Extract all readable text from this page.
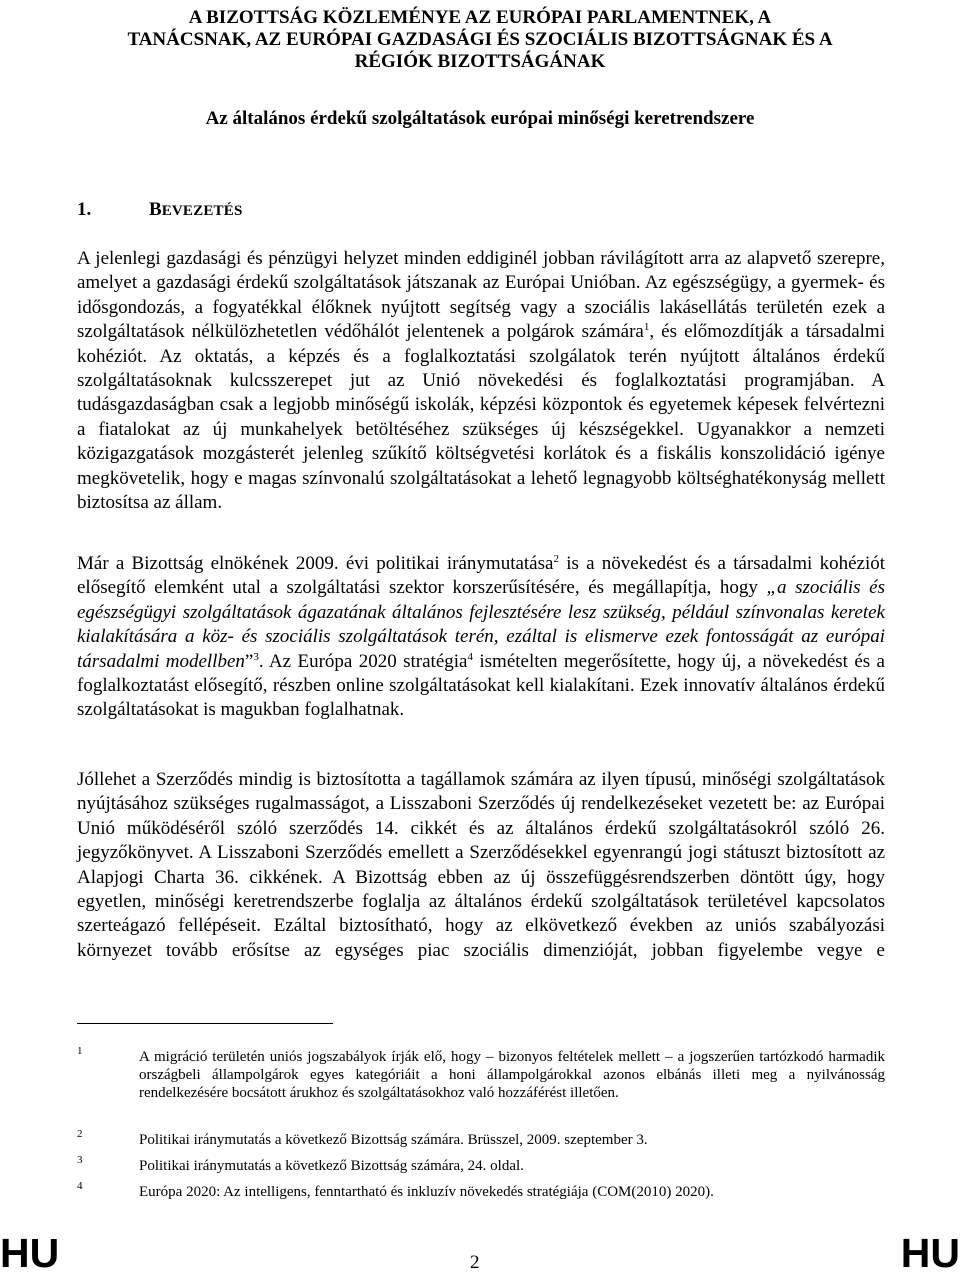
A BIZOTTSÁG KÖZLEMÉNYE AZ EURÓPAI PARLAMENTNEK, A
TANÁCSNAK, AZ EURÓPAI GAZDASÁGI ÉS SZOCIÁLIS BIZOTTSÁGNAK ÉS A
RÉGIÓK BIZOTTSÁGÁNAK
Az általános érdekű szolgáltatások európai minőségi keretrendszere
1.	BEVEZETÉS

A jelenlegi gazdasági és pénzügyi helyzet minden eddiginél jobban rávilágított arra az alapvető szerepre, amelyet a gazdasági érdekű szolgáltatások játszanak az Európai Unióban. Az egészségügy, a gyermek- és idősgondozás, a fogyatékkal élőknek nyújtott segítség vagy a szociális lakásellátás területén ezek a szolgáltatások nélkülözhetetlen védőhálót jelentenek a polgárok számára$^1$, és előmozdítják a társadalmi kohéziót. Az oktatás, a képzés és a foglalkoztatási szolgálatok terén nyújtott általános érdekű szolgáltatásoknak kulcsszerepet jut az Unió növekedési és foglalkoztatási programjában. A tudásgazdaságban csak a legjobb minőségű iskolák, képzési központok és egyetemek képesek felvértezni a fiatalokat az új munkahelyek betöltéséhez szükséges új készségekkel. Ugyanakkor a nemzeti közigazgatások mozgásterét jelenleg szűkítő költségvetési korlátok és a fiskális konszolidáció igénye megkövetelik, hogy e magas színvonalú szolgáltatásokat a lehető legnagyobb költséghatékonyság mellett biztosítsa az állam.

Már a Bizottság elnökének 2009. évi politikai iránymutatása$^2$ is a növekedést és a társadalmi kohéziót elősegítő elemként utal a szolgáltatási szektor korszerűsítésére, és megállapítja, hogy „a szociális és egészségügyi szolgáltatások ágazatának általános fejlesztésére lesz szükség, például színvonalas keretek kialakítására a köz- és szociális szolgáltatások terén, ezáltal is elismerve ezek fontosságát az európai társadalmi modellben”$^3$. Az Európa 2020 stratégia$^4$ ismételten megerősítette, hogy új, a növekedést és a foglalkoztatást elősegítő, részben online szolgáltatásokat kell kialakítani. Ezek innovatív általános érdekű szolgáltatásokat is magukban foglalhatnak.

Jóllehet a Szerződés mindig is biztosította a tagállamok számára az ilyen típusú, minőségi szolgáltatások nyújtásához szükséges rugalmasságot, a Lisszaboni Szerződés új rendelkezéseket vezetett be: az Európai Unió működéséről szóló szerződés 14. cikkét és az általános érdekű szolgáltatásokról szóló 26. jegyzőkönyvet. A Lisszaboni Szerződés emellett a Szerződésekkel egyenrangú jogi státuszt biztosított az Alapjogi Charta 36. cikkének. A Bizottság ebben az új összefüggésrendszerben döntött úgy, hogy egyetlen, minőségi keretrendszerbe foglalja az általános érdekű szolgáltatások területével kapcsolatos szerteágazó fellépéseit. Ezáltal biztosítható, hogy az elkövetkező években az uniós szabályozási környezet tovább erősítse az egységes piac szociális dimenzióját, jobban figyelembe vegye e

1	A migráció területén uniós jogszabályok írják elő, hogy – bizonyos feltételek mellett – a jogszerűen tartózkodó harmadik országbeli állampolgárok egyes kategóriáit a honi állampolgárokkal azonos elbánás illeti meg a nyilvánosság rendelkezésére bocsátott árukhoz és szolgáltatásokhoz való hozzáférést illetően.
2	Politikai iránymutatás a következő Bizottság számára. Brüsszel, 2009. szeptember 3.
3	Politikai iránymutatás a következő Bizottság számára, 24. oldal.
4	Európa 2020: Az intelligens, fenntartható és inkluzív növekedés stratégiája (COM(2010) 2020).
HU	2	HU
